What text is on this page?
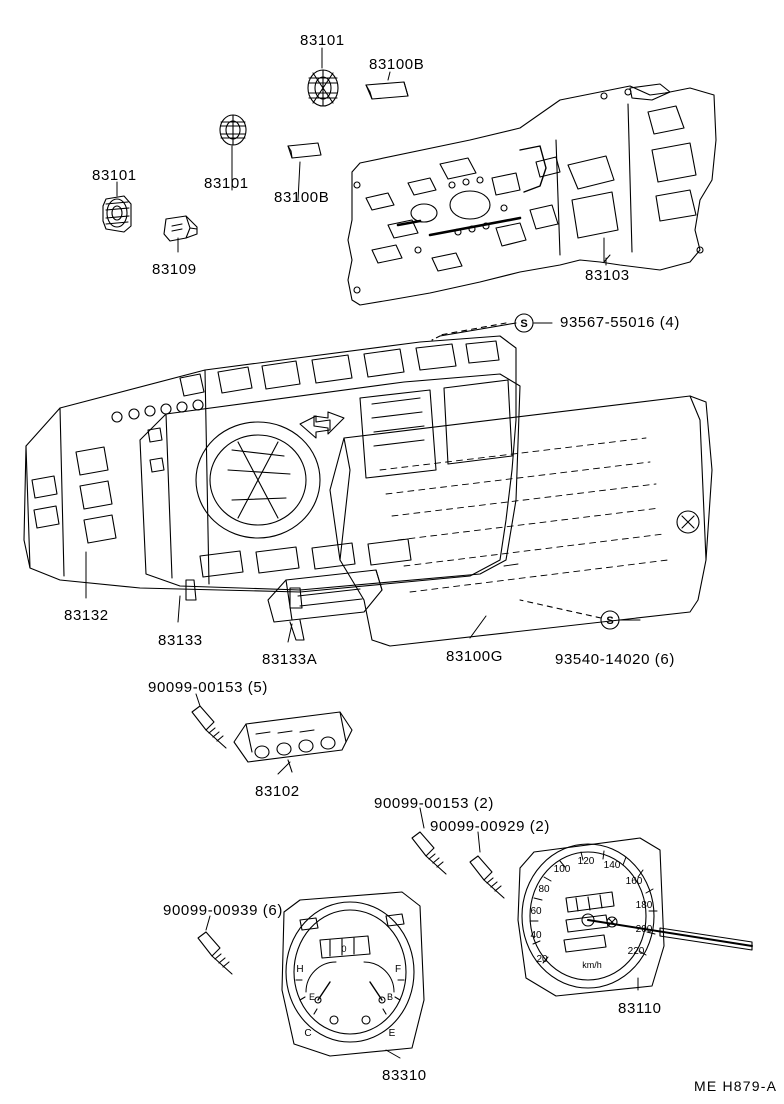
20
40
60
80
100
120 140
160
180
200
220
km/h
H	F
C	E
E	B
0
S
S
83101
83100B
83101
83101
83100B
83109	83103
93567-55016 (4)
83132
83133
83133A	83100G	93540-14020 (6)
90099-00153 (5)
83102
90099-00153 (2)
90099-00929 (2)
90099-00939 (6)
83110
83310
ME H879-A
